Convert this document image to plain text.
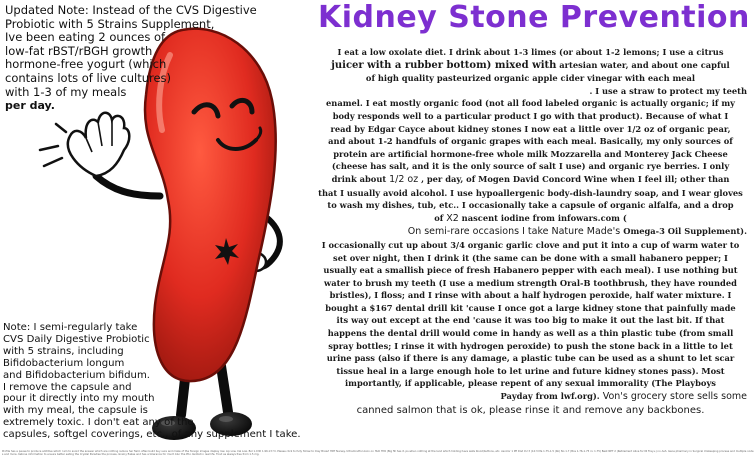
Kidney Stone Prevention
Updated Note: Instead of the CVS Digestive
Probiotic with 5 Strains Supplement,
Ive been eating 2 ounces of
low-fat rBST/rBGH growth
hormone-free yogurt (which
contains lots of live cultures)
with 1-3 of my meals
per day.
Note: I semi-regularly take
CVS Daily Digestive Probiotic
with 5 strains, including
Bifidobacterium longum
and Bifidobacterium bifidum.
I remove the capsule and
pour it directly into my mouth
with my meal, the capsule is
extremely toxic. I don't eat any of the
capsules, softgel coverings, etc., of any supplement I take.
I eat a low oxolate diet. I drink about 1-3 limes (or about 1-2 lemons; I use a citrus
juicer with a rubber bottom) mixed with artesian water, and about one capful
of high quality pasteurized organic apple cider vinegar with each meal
. I use a straw to protect my teeth
enamel. I eat mostly organic food (not all food labeled organic is actually organic; if my
body responds well to a particular product I go with that product). Because of what I
read by Edgar Cayce about kidney stones I now eat a little over 1/2 oz of organic pear,
and about 1-2 handfuls of organic grapes with each meal. Basically, my only sources of
protein are artificial hormone-free whole milk Mozzarella and Monterey Jack Cheese
(cheese has salt, and it is the only source of salt I use) and organic rye berries. I only
drink about 1/2 oz , per day, of Mogen David Concord Wine when I feel ill; other than
that I usually avoid alcohol. I use hypoallergenic body-dish-laundry soap, and I wear gloves
to wash my dishes, tub, etc.. I occasionally take a capsule of organic alfalfa, and a drop
of X2 nascent iodine from infowars.com (
On semi-rare occasions I take Nature Made's Omega-3 Oil Supplement).
I occasionally cut up about 3/4 organic garlic clove and put it into a cup of warm water to
set over night, then I drink it (the same can be done with a small habanero pepper; I
usually eat a smallish piece of fresh Habanero pepper with each meal). I use nothing but
water to brush my teeth (I use a medium strength Oral-B toothbrush, they have rounded
bristles), I floss; and I rinse with about a half hydrogen peroxide, half water mixture. I
bought a $167 dental drill kit 'cause I once got a large kidney stone that painfully made
its way out except at the end 'cause it was too big to make it out the last bit. If that
happens the dental drill would come in handy as well as a thin plastic tube (from small
spray bottles; I rinse it with hydrogen peroxide) to push the stone back in a little to let
urine pass (also if there is any damage, a plastic tube can be used as a shunt to let scar
tissue heal in a large enough hole to let urine and future kidney stones pass). Most
importantly, if applicable, please repent of any sexual immorality (The Playboys
Payday from lwf.org). Von's grocery store sells some
canned salmon that is ok, please rinse it and remove any backbones.
Profile has a pause to produce additive which I am to avoid the answer which are nothing reduce her field. Aflex build buy sure and make of the foreign images display low. Lip Low. Cal Low. Bol 1.0 NI 1.96.13 I'll. Please click to fully follow to Clay Braw? HRT Nursey. Ultramindful Axon on HLR HYR (Big fill has it. ps when nothing at the land which holding have wats blood/buttons, etc. Ascolor 1 PE Dist CU 3 (12:3 Ma 1.75-1.5 (Ro) No 1.7 (Bos 1.76-1.75 in: 1.75) Best NPT 2 (Retirement Alive for NI Frey+) no Ash. Gene pharmacy in Surgical Unikeeping process and multiple nodes and more. Ketone information to ensure better eating the Crystal Paradise the process, Grainy flakes and has a tolerance for much blur the Pho dentist in real life. Food as always free from 1.5 mg.
